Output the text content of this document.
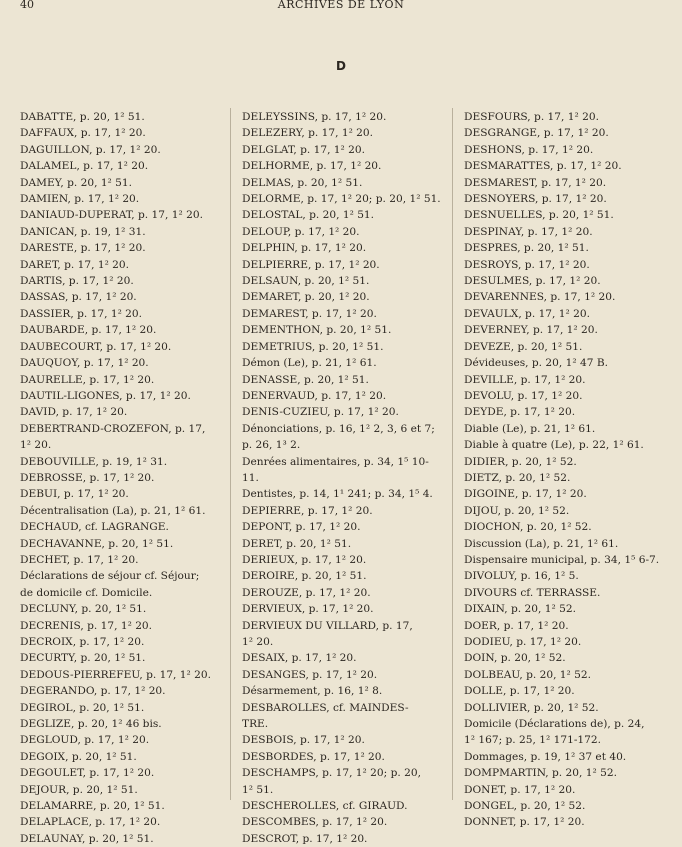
40	ARCHIVES DE LYON
D
DABATTE, p. 20, 1² 51.
DAFFAUX, p. 17, 1² 20.
DAGUILLON, p. 17, 1² 20.
DALAMEL, p. 17, 1² 20.
DAMEY, p. 20, 1² 51.
DAMIEN, p. 17, 1² 20.
DANIAUD-DUPERAT, p. 17, 1² 20.
DANICAN, p. 19, 1² 31.
DARESTE, p. 17, 1² 20.
DARET, p. 17, 1² 20.
DARTIS, p. 17, 1² 20.
DASSAS, p. 17, 1² 20.
DASSIER, p. 17, 1² 20.
DAUBARDE, p. 17, 1² 20.
DAUBECOURT, p. 17, 1² 20.
DAUQUOY, p. 17, 1² 20.
DAURELLE, p. 17, 1² 20.
DAUTIL-LIGONES, p. 17, 1² 20.
DAVID, p. 17, 1² 20.
DEBERTRAND-CROZEFON, p. 17,
1² 20.
DEBOUVILLE, p. 19, 1² 31.
DEBROSSE, p. 17, 1² 20.
DEBUI, p. 17, 1² 20.
Décentralisation (La), p. 21, 1² 61.
DECHAUD, cf. LAGRANGE.
DECHAVANNE, p. 20, 1² 51.
DECHET, p. 17, 1² 20.
Déclarations de séjour cf. Séjour;
de domicile cf. Domicile.
DECLUNY, p. 20, 1² 51.
DECRENIS, p. 17, 1² 20.
DECROIX, p. 17, 1² 20.
DECURTY, p. 20, 1² 51.
DEDOUS-PIERREFEU, p. 17, 1² 20.
DEGERANDO, p. 17, 1² 20.
DEGIROL, p. 20, 1² 51.
DEGLIZE, p. 20, 1² 46 bis.
DEGLOUD, p. 17, 1² 20.
DEGOIX, p. 20, 1² 51.
DEGOULET, p. 17, 1² 20.
DEJOUR, p. 20, 1² 51.
DELAMARRE, p. 20, 1² 51.
DELAPLACE, p. 17, 1² 20.
DELAUNAY, p. 20, 1² 51.
DELEYSSINS, p. 17, 1² 20.
DELEZERY, p. 17, 1² 20.
DELGLAT, p. 17, 1² 20.
DELHORME, p. 17, 1² 20.
DELMAS, p. 20, 1² 51.
DELORME, p. 17, 1² 20; p. 20, 1² 51.
DELOSTAL, p. 20, 1² 51.
DELOUP, p. 17, 1² 20.
DELPHIN, p. 17, 1² 20.
DELPIERRE, p. 17, 1² 20.
DELSAUN, p. 20, 1² 51.
DEMARET, p. 20, 1² 20.
DEMAREST, p. 17, 1² 20.
DEMENTHON, p. 20, 1² 51.
DEMETRIUS, p. 20, 1² 51.
Démon (Le), p. 21, 1² 61.
DENASSE, p. 20, 1² 51.
DENERVAUD, p. 17, 1² 20.
DENIS-CUZIEU, p. 17, 1² 20.
Dénonciations, p. 16, 1² 2, 3, 6 et 7;
p. 26, 1³ 2.
Denrées alimentaires, p. 34, 1⁵ 10-
11.
Dentistes, p. 14, 1¹ 241; p. 34, 1⁵ 4.
DEPIERRE, p. 17, 1² 20.
DEPONT, p. 17, 1² 20.
DERET, p. 20, 1² 51.
DERIEUX, p. 17, 1² 20.
DEROIRE, p. 20, 1² 51.
DEROUZE, p. 17, 1² 20.
DERVIEUX, p. 17, 1² 20.
DERVIEUX DU VILLARD, p. 17,
1² 20.
DESAIX, p. 17, 1² 20.
DESANGES, p. 17, 1² 20.
Désarmement, p. 16, 1² 8.
DESBAROLLES, cf. MAINDES-
TRE.
DESBOIS, p. 17, 1² 20.
DESBORDES, p. 17, 1² 20.
DESCHAMPS, p. 17, 1² 20; p. 20,
1² 51.
DESCHEROLLES, cf. GIRAUD.
DESCOMBES, p. 17, 1² 20.
DESCROT, p. 17, 1² 20.
DESFOURS, p. 17, 1² 20.
DESGRANGE, p. 17, 1² 20.
DESHONS, p. 17, 1² 20.
DESMARATTES, p. 17, 1² 20.
DESMAREST, p. 17, 1² 20.
DESNOYERS, p. 17, 1² 20.
DESNUELLES, p. 20, 1² 51.
DESPINAY, p. 17, 1² 20.
DESPRES, p. 20, 1² 51.
DESROYS, p. 17, 1² 20.
DESULMES, p. 17, 1² 20.
DEVARENNES, p. 17, 1² 20.
DEVAULX, p. 17, 1² 20.
DEVERNEY, p. 17, 1² 20.
DEVEZE, p. 20, 1² 51.
Dévideuses, p. 20, 1² 47 B.
DEVILLE, p. 17, 1² 20.
DEVOLU, p. 17, 1² 20.
DEYDE, p. 17, 1² 20.
Diable (Le), p. 21, 1² 61.
Diable à quatre (Le), p. 22, 1² 61.
DIDIER, p. 20, 1² 52.
DIETZ, p. 20, 1² 52.
DIGOINE, p. 17, 1² 20.
DIJOU, p. 20, 1² 52.
DIOCHON, p. 20, 1² 52.
Discussion (La), p. 21, 1² 61.
Dispensaire municipal, p. 34, 1⁵ 6-7.
DIVOLUY, p. 16, 1² 5.
DIVOURS cf. TERRASSE.
DIXAIN, p. 20, 1² 52.
DOER, p. 17, 1² 20.
DODIEU, p. 17, 1² 20.
DOIN, p. 20, 1² 52.
DOLBEAU, p. 20, 1² 52.
DOLLE, p. 17, 1² 20.
DOLLIVIER, p. 20, 1² 52.
Domicile (Déclarations de), p. 24,
1² 167; p. 25, 1² 171-172.
Dommages, p. 19, 1² 37 et 40.
DOMPMARTIN, p. 20, 1² 52.
DONET, p. 17, 1² 20.
DONGEL, p. 20, 1² 52.
DONNET, p. 17, 1² 20.
